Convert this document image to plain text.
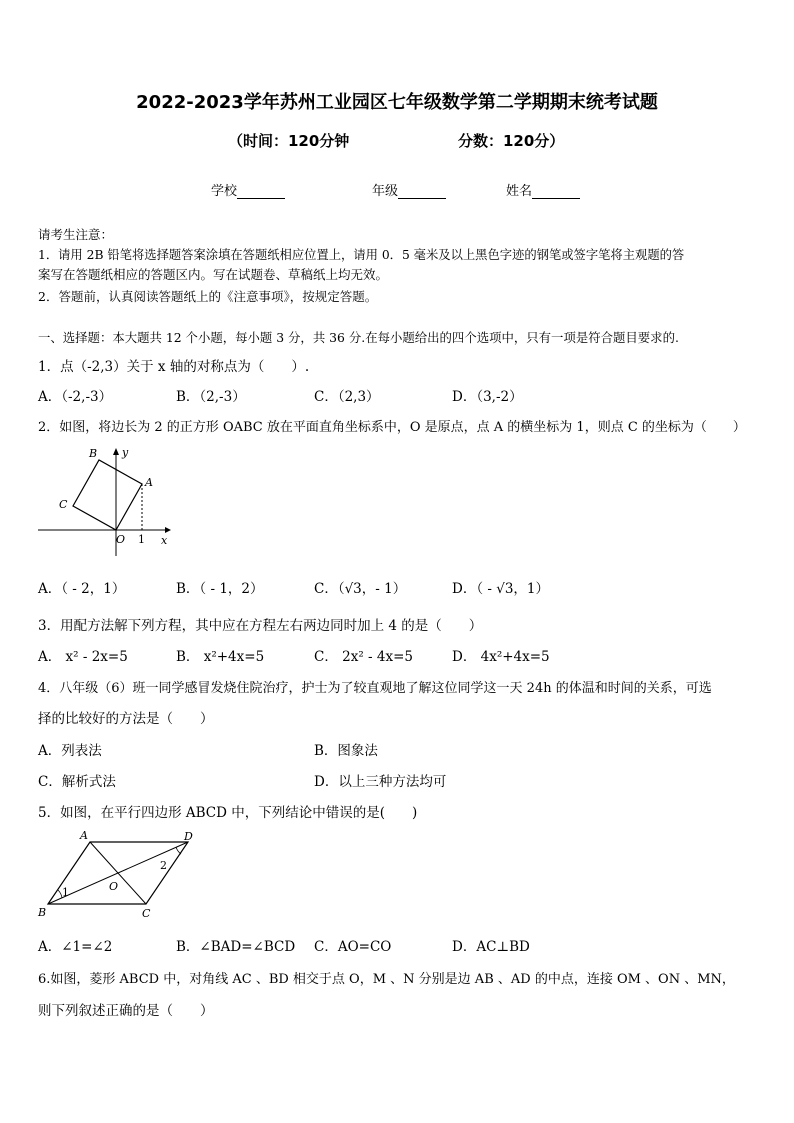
2022-2023学年苏州工业园区七年级数学第二学期期末统考试题
（时间：120分钟	分数：120分）
学校	年级	姓名
请考生注意：
1．请用 2B 铅笔将选择题答案涂填在答题纸相应位置上，请用 0．5 毫米及以上黑色字迹的钢笔或签字笔将主观题的答
案写在答题纸相应的答题区内。写在试题卷、草稿纸上均无效。
2．答题前，认真阅读答题纸上的《注意事项》，按规定答题。
一、选择题：本大题共 12 个小题，每小题 3 分，共 36 分.在每小题给出的四个选项中，只有一项是符合题目要求的.
1．点（-2,3）关于 x 轴的对称点为（　　）.
A．（-2,-3）	B．（2,-3）	C．（2,3）	D．（3,-2）
2．如图，将边长为 2 的正方形 OABC 放在平面直角坐标系中，O 是原点，点 A 的横坐标为 1，则点 C 的坐标为（　　）
B y
A
C
O 1 x
A．（ - 2，1）	B．（ - 1，2）	C．（√3，- 1）	D．（ - √3，1）
3．用配方法解下列方程，其中应在方程左右两边同时加上 4 的是（　　）
A． x² - 2x=5	B． x²+4x=5	C． 2x² - 4x=5	D． 4x²+4x=5
4．八年级（6）班一同学感冒发烧住院治疗，护士为了较直观地了解这位同学这一天 24h 的体温和时间的关系，可选
择的比较好的方法是（　　）
A．列表法	B．图象法
C．解析式法	D．以上三种方法均可
5．如图，在平行四边形 ABCD 中，下列结论中错误的是(　　)
A	D
B	C
O
1
2
A．∠1=∠2	B．∠BAD=∠BCD C．AO=CO	D．AC⊥BD
6.如图，菱形 ABCD 中，对角线 AC 、BD 相交于点 O，M 、N 分别是边 AB 、AD 的中点，连接 OM 、ON 、MN，
则下列叙述正确的是（　　）
